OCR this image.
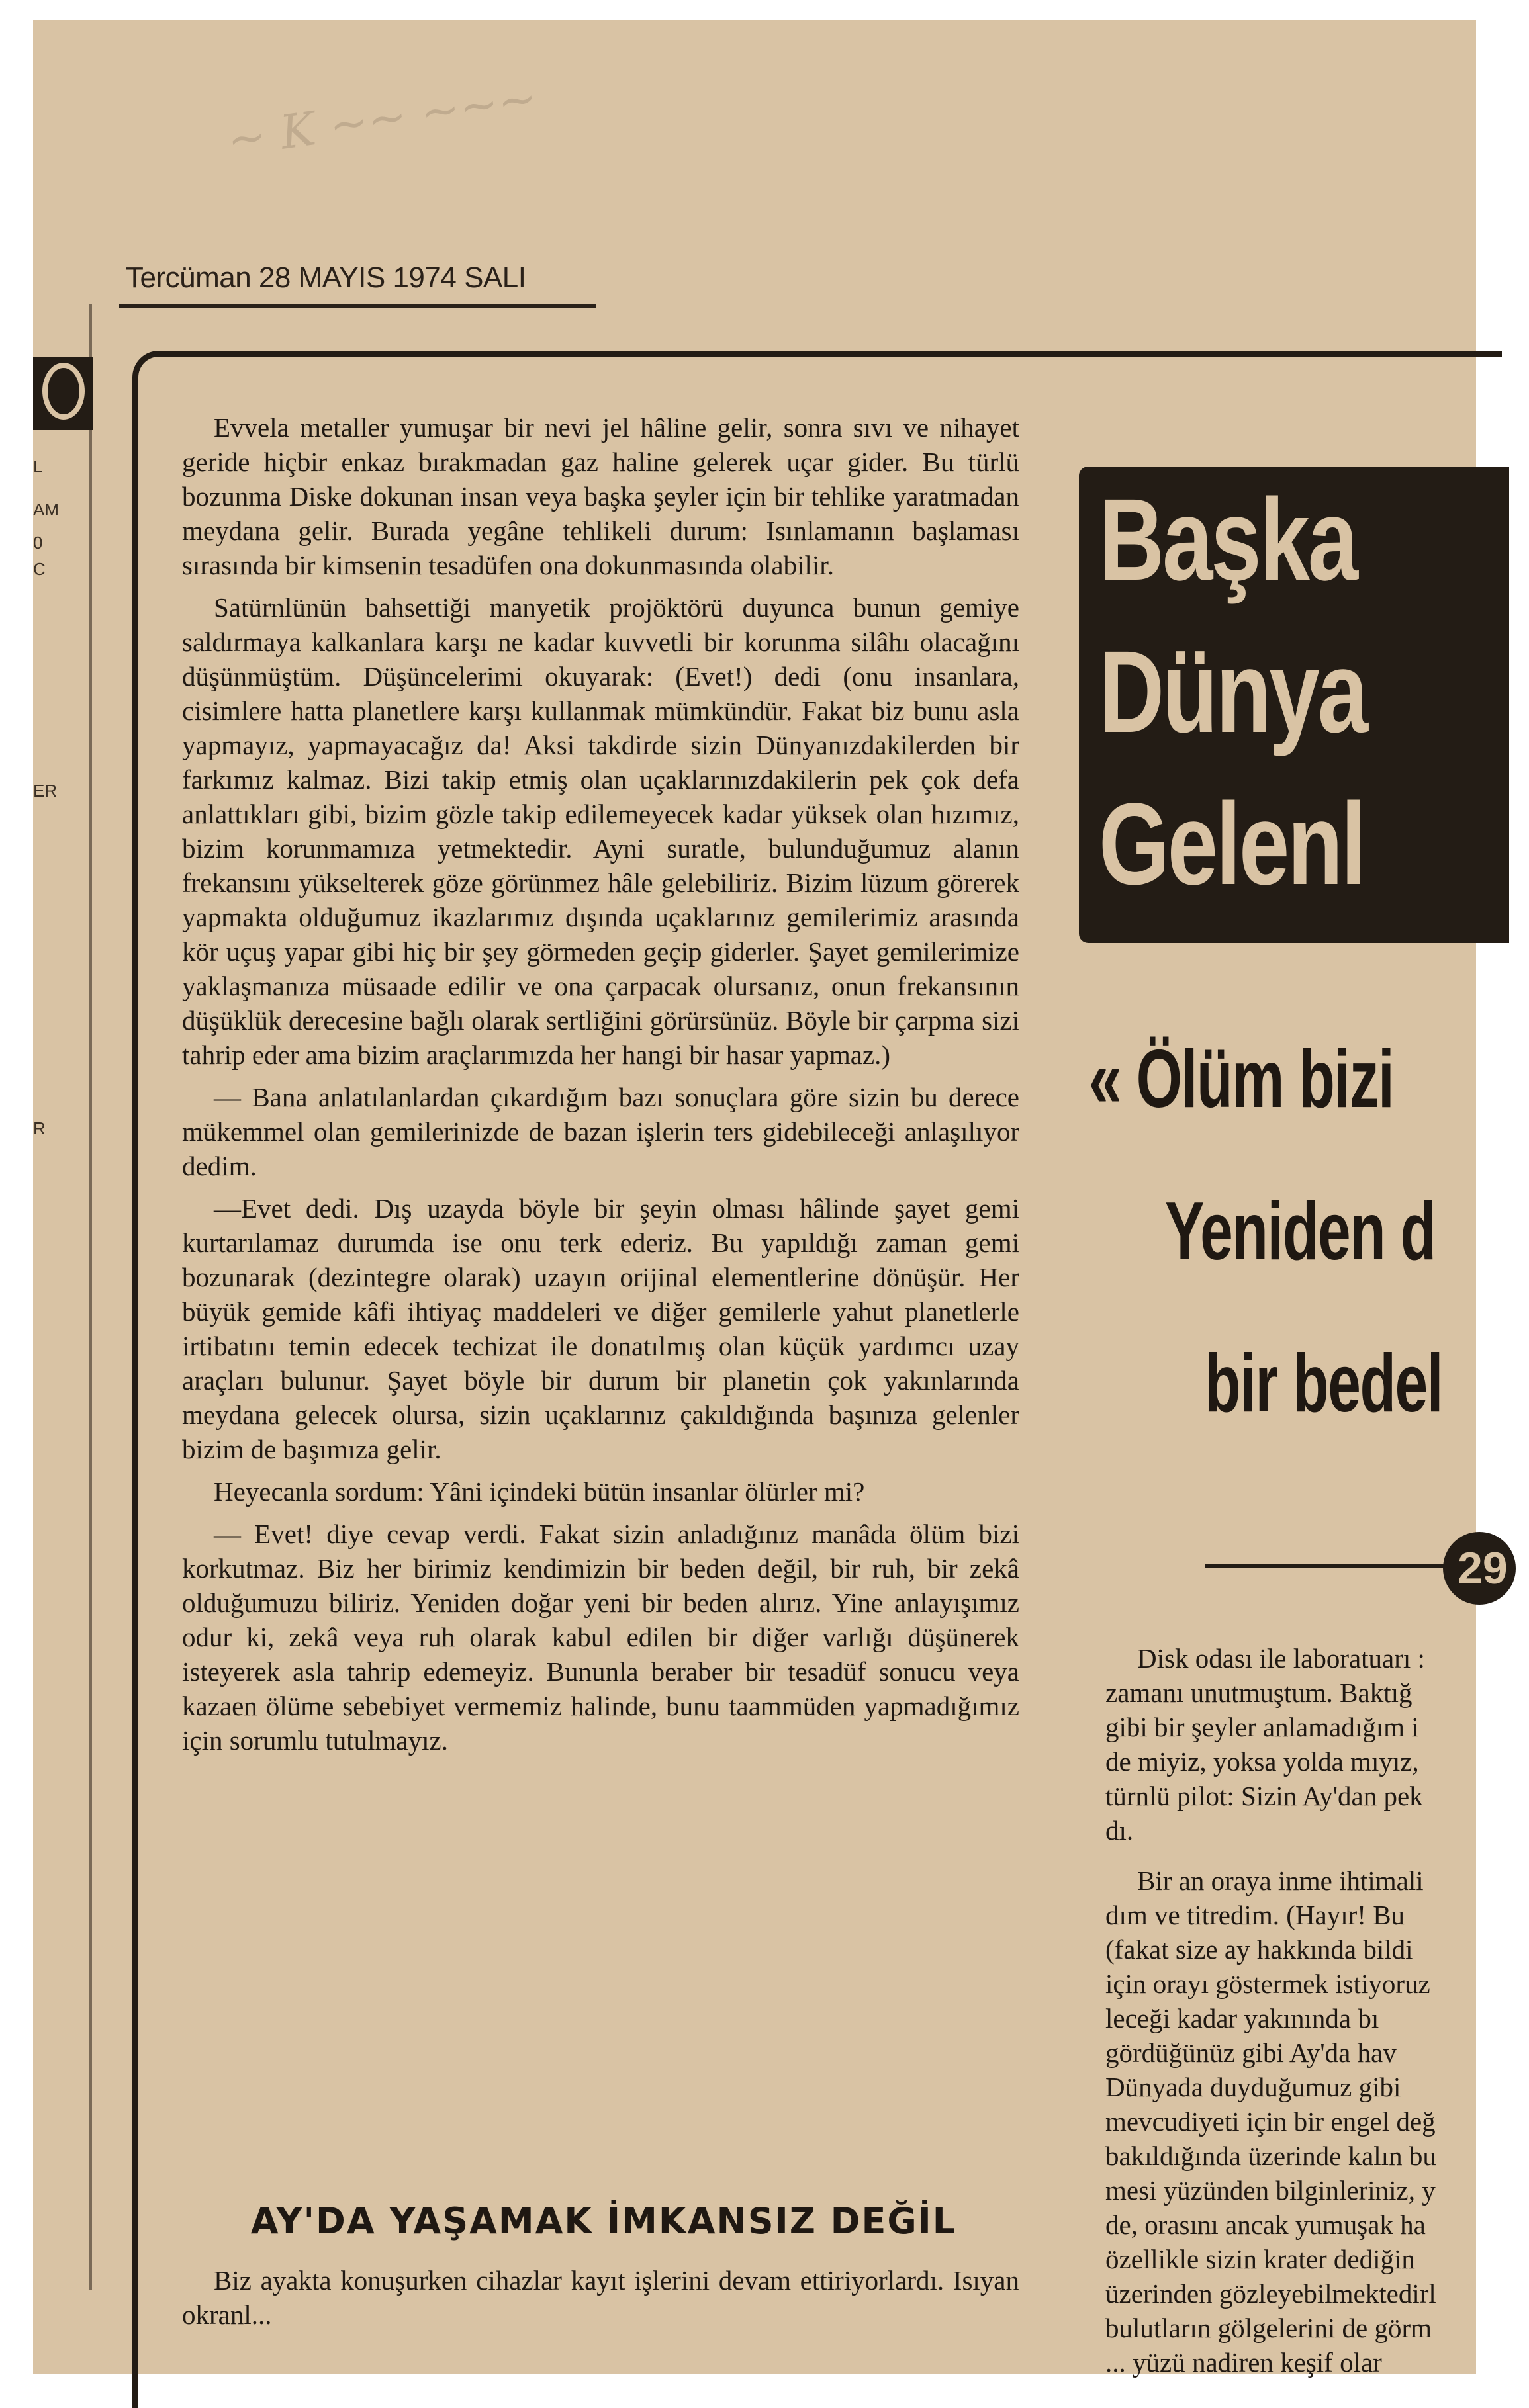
~ K ~~ ~~~
Tercüman 28 MAYIS 1974 SALI
L
AM
0
C
ER
R

Evvela metaller yumuşar bir nevi jel hâline gelir, sonra sıvı ve nihayet geride hiçbir enkaz bırakmadan gaz haline gelerek uçar gider. Bu türlü bozunma Diske dokunan insan veya başka şeyler için bir tehlike yaratmadan meydana gelir. Burada yegâne tehlikeli durum: Isınlamanın başlaması sırasında bir kimsenin tesadüfen ona dokunmasında olabilir.

Satürnlünün bahsettiği manyetik projöktörü duyunca bunun gemiye saldırmaya kalkanlara karşı ne kadar kuvvetli bir korunma silâhı olacağını düşünmüştüm. Düşüncelerimi okuyarak: (Evet!) dedi (onu insanlara, cisimlere hatta planetlere karşı kullanmak mümkündür. Fakat biz bunu asla yapmayız, yapmayacağız da! Aksi takdirde sizin Dünyanızdakilerden bir farkımız kalmaz. Bizi takip etmiş olan uçaklarınızdakilerin pek çok defa anlattıkları gibi, bizim gözle takip edilemeyecek kadar yüksek olan hızımız, bizim korunmamıza yetmektedir. Ayni suratle, bulunduğumuz alanın frekansını yükselterek göze görünmez hâle gelebiliriz. Bizim lüzum görerek yapmakta olduğumuz ikazlarımız dışında uçaklarınız gemilerimiz arasında kör uçuş yapar gibi hiç bir şey görmeden geçip giderler. Şayet gemilerimize yaklaşmanıza müsaade edilir ve ona çarpacak olursanız, onun frekansının düşüklük derecesine bağlı olarak sertliğini görürsünüz. Böyle bir çarpma sizi tahrip eder ama bizim araçlarımızda her hangi bir hasar yapmaz.)

— Bana anlatılanlardan çıkardığım bazı sonuçlara göre sizin bu derece mükemmel olan gemilerinizde de bazan işlerin ters gidebileceği anlaşılıyor dedim.

—Evet dedi. Dış uzayda böyle bir şeyin olması hâlinde şayet gemi kurtarılamaz durumda ise onu terk ederiz. Bu yapıldığı zaman gemi bozunarak (dezintegre olarak) uzayın orijinal elementlerine dönüşür. Her büyük gemide kâfi ihtiyaç maddeleri ve diğer gemilerle yahut planetlerle irtibatını temin edecek techizat ile donatılmış olan küçük yardımcı uzay araçları bulunur. Şayet böyle bir durum bir planetin çok yakınlarında meydana gelecek olursa, sizin uçaklarınız çakıldığında başınıza gelenler bizim de başımıza gelir.

Heyecanla sordum: Yâni içindeki bütün insanlar ölürler mi?

— Evet! diye cevap verdi. Fakat sizin anladığınız manâda ölüm bizi korkutmaz. Biz her birimiz kendimizin bir beden değil, bir ruh, bir zekâ olduğumuzu biliriz. Yeniden doğar yeni bir beden alırız. Yine anlayışımız odur ki, zekâ veya ruh olarak kabul edilen bir diğer varlığı düşünerek isteyerek asla tahrip edemeyiz. Bununla beraber bir tesadüf sonucu veya kazaen ölüme sebebiyet vermemiz halinde, bunu taammüden yapmadığımız için sorumlu tutulmayız.

AY'DA YAŞAMAK İMKANSIZ DEĞİL
Biz ayakta konuşurken cihazlar kayıt işlerini devam ettiriyorlardı. Isıyan okranl...
Başka
Dünya
Gelenl
« Ölüm bizi
Yeniden d
bir bedel
29
Disk odası ile laboratuarı :
zamanı unutmuştum. Baktığ
gibi bir şeyler anlamadığım i
de miyiz, yoksa yolda mıyız,
türnlü pilot: Sizin Ay'dan pek
dı.
Bir an oraya inme ihtimali
dım ve titredim. (Hayır! Bu
(fakat size ay hakkında bildi
için orayı göstermek istiyoruz
leceği kadar yakınında bı
gördüğünüz gibi Ay'da hav
Dünyada duyduğumuz gibi
mevcudiyeti için bir engel değ
bakıldığında üzerinde kalın bu
mesi yüzünden bilginleriniz, y
de, orasını ancak yumuşak ha
özellikle sizin krater dediğin
üzerinden gözleyebilmektedirl
bulutların gölgelerini de görm
... yüzü nadiren keşif olar
